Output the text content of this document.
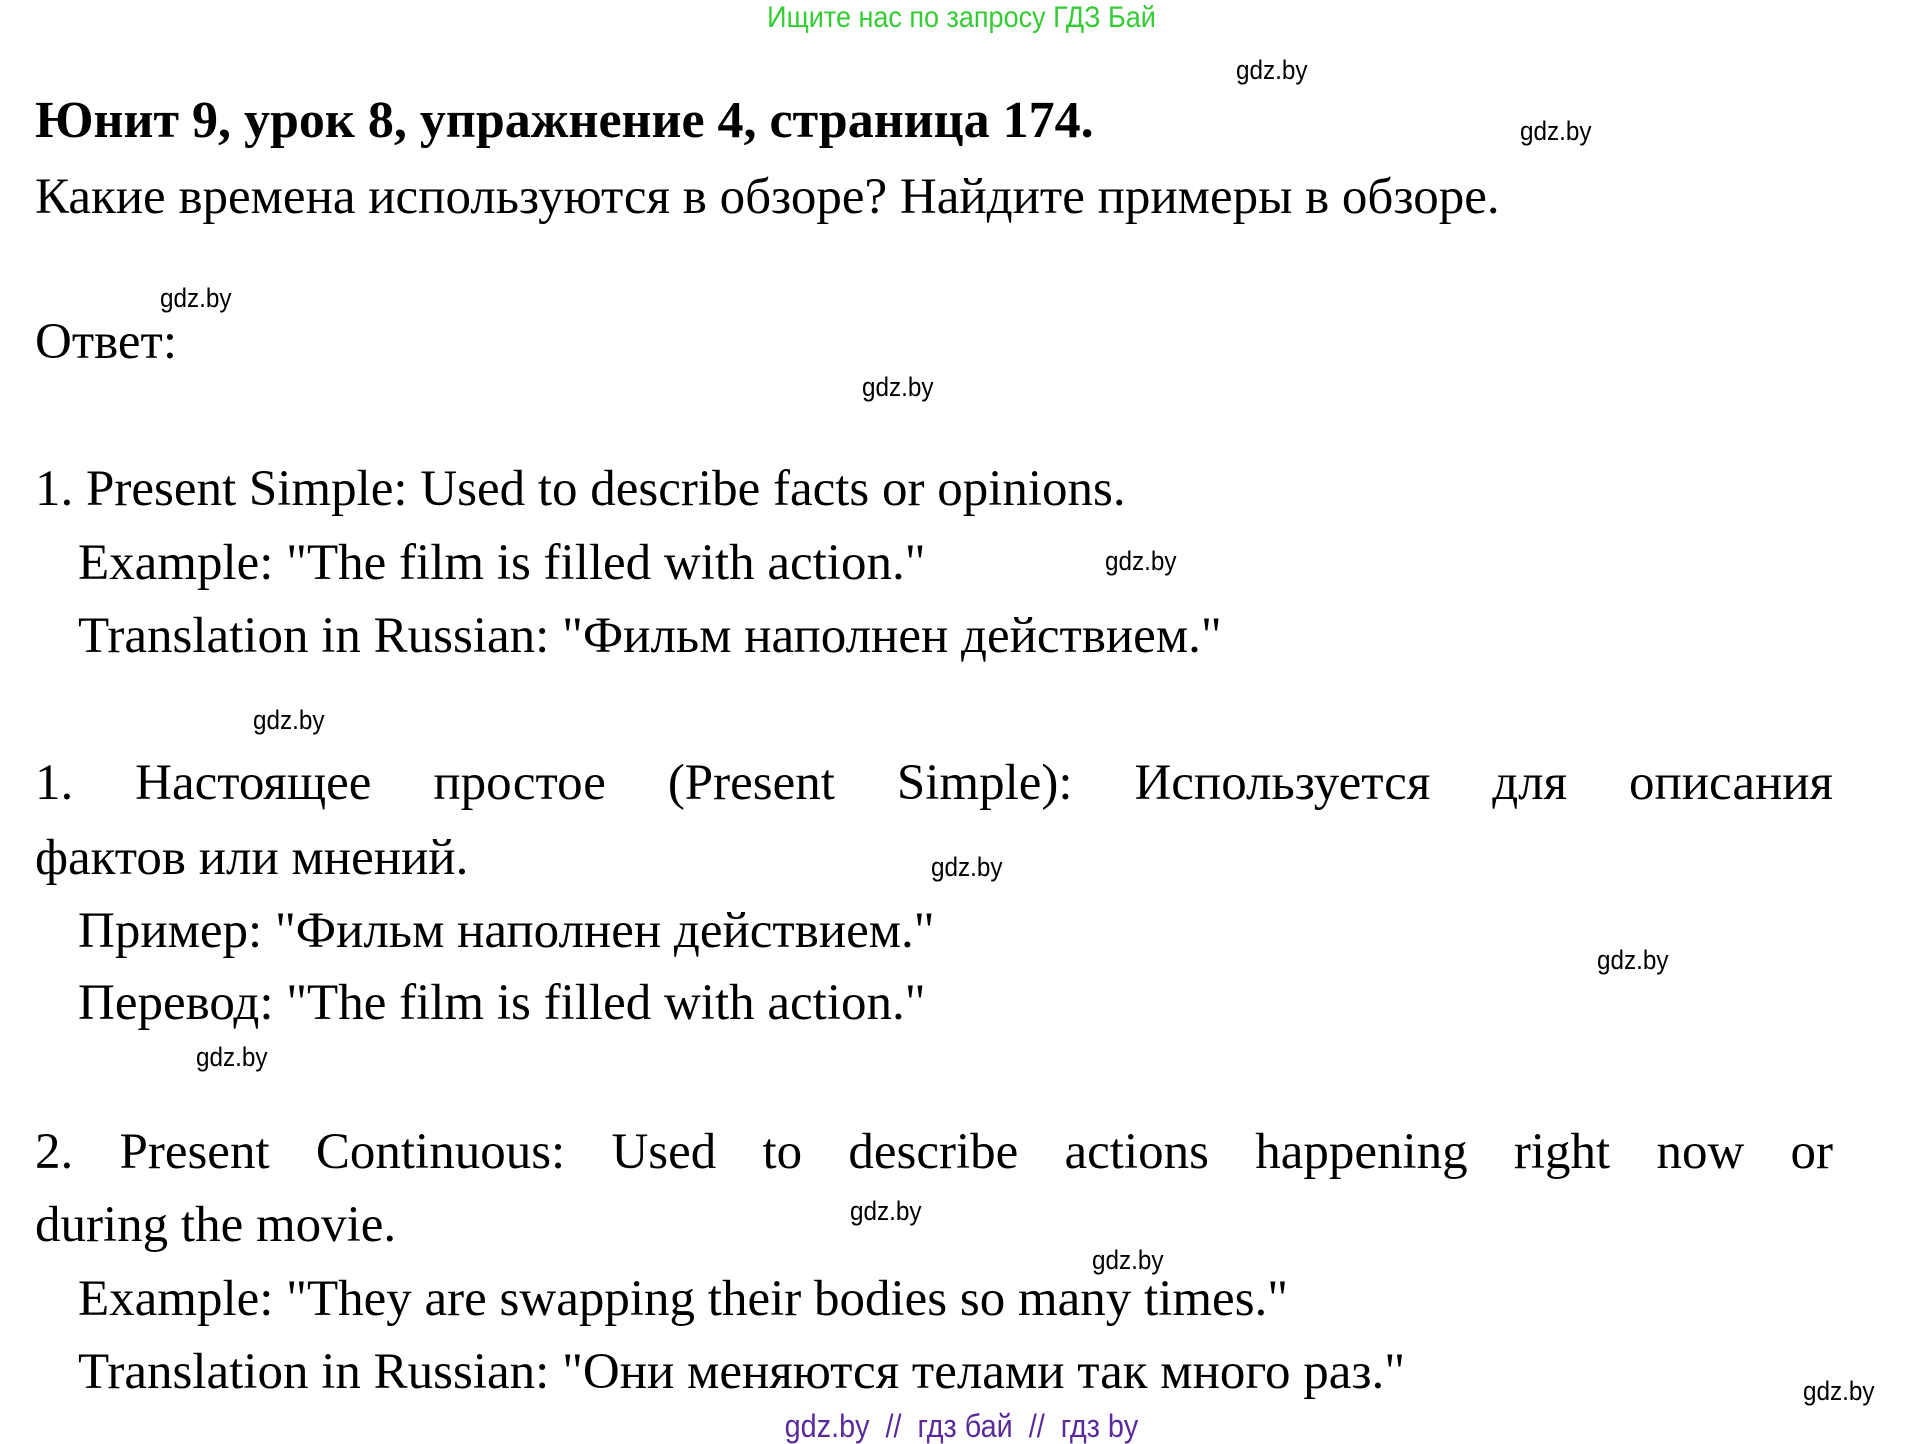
Ищите нас по запросу ГДЗ Бай
Юнит 9, урок 8, упражнение 4, страница 174.
Какие времена используются в обзоре? Найдите примеры в обзоре.
Ответ:
1. Present Simple: Used to describe facts or opinions.
Example: "The film is filled with action."
Translation in Russian: "Фильм наполнен действием."
1. Настоящее простое (Present Simple): Используется для описания
фактов или мнений.
Пример: "Фильм наполнен действием."
Перевод: "The film is filled with action."
2. Present Continuous: Used to describe actions happening right now or
during the movie.
Example: "They are swapping their bodies so many times."
Translation in Russian: "Они меняются телами так много раз."
gdz.by
gdz.by
gdz.by
gdz.by
gdz.by
gdz.by
gdz.by
gdz.by
gdz.by
gdz.by
gdz.by
gdz.by
gdz.by  //  гдз бай  //  гдз by
